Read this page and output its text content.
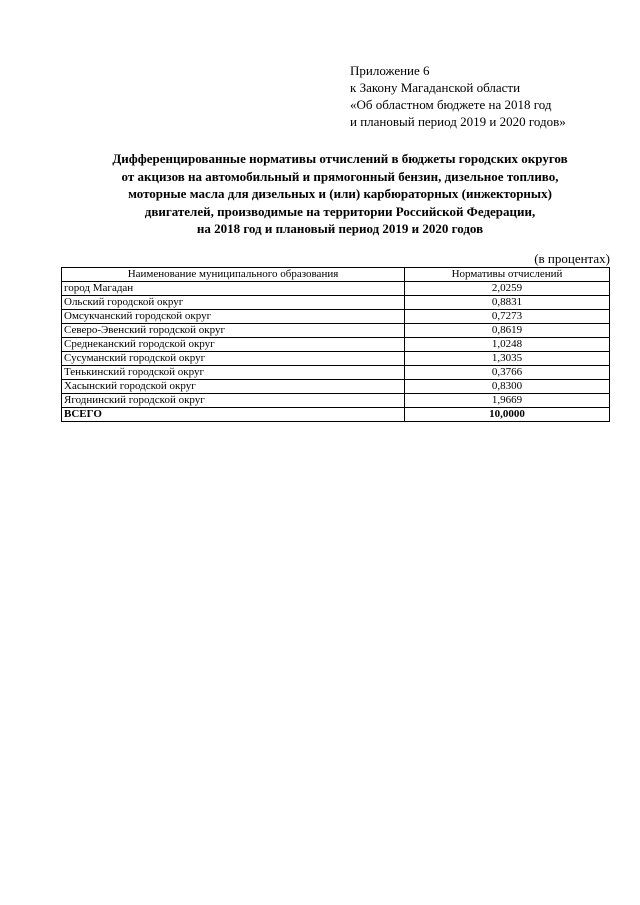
Приложение 6
к Закону Магаданской области
«Об областном бюджете на 2018 год
и плановый период 2019 и 2020 годов»
Дифференцированные нормативы отчислений в бюджеты городских округов
от акцизов на автомобильный и прямогонный бензин, дизельное топливо,
моторные масла для дизельных и (или) карбюраторных (инжекторных)
двигателей, производимые на территории Российской Федерации,
на 2018 год и плановый период 2019 и 2020 годов
(в процентах)
Наименование муниципального образования	Нормативы отчислений
город Магадан	2,0259
Ольский городской округ	0,8831
Омсукчанский городской округ	0,7273
Северо-Эвенский городской округ	0,8619
Среднеканский городской округ	1,0248
Сусуманский городской округ	1,3035
Тенькинский городской округ	0,3766
Хасынский городской округ	0,8300
Ягоднинский городской округ	1,9669
ВСЕГО	10,0000
